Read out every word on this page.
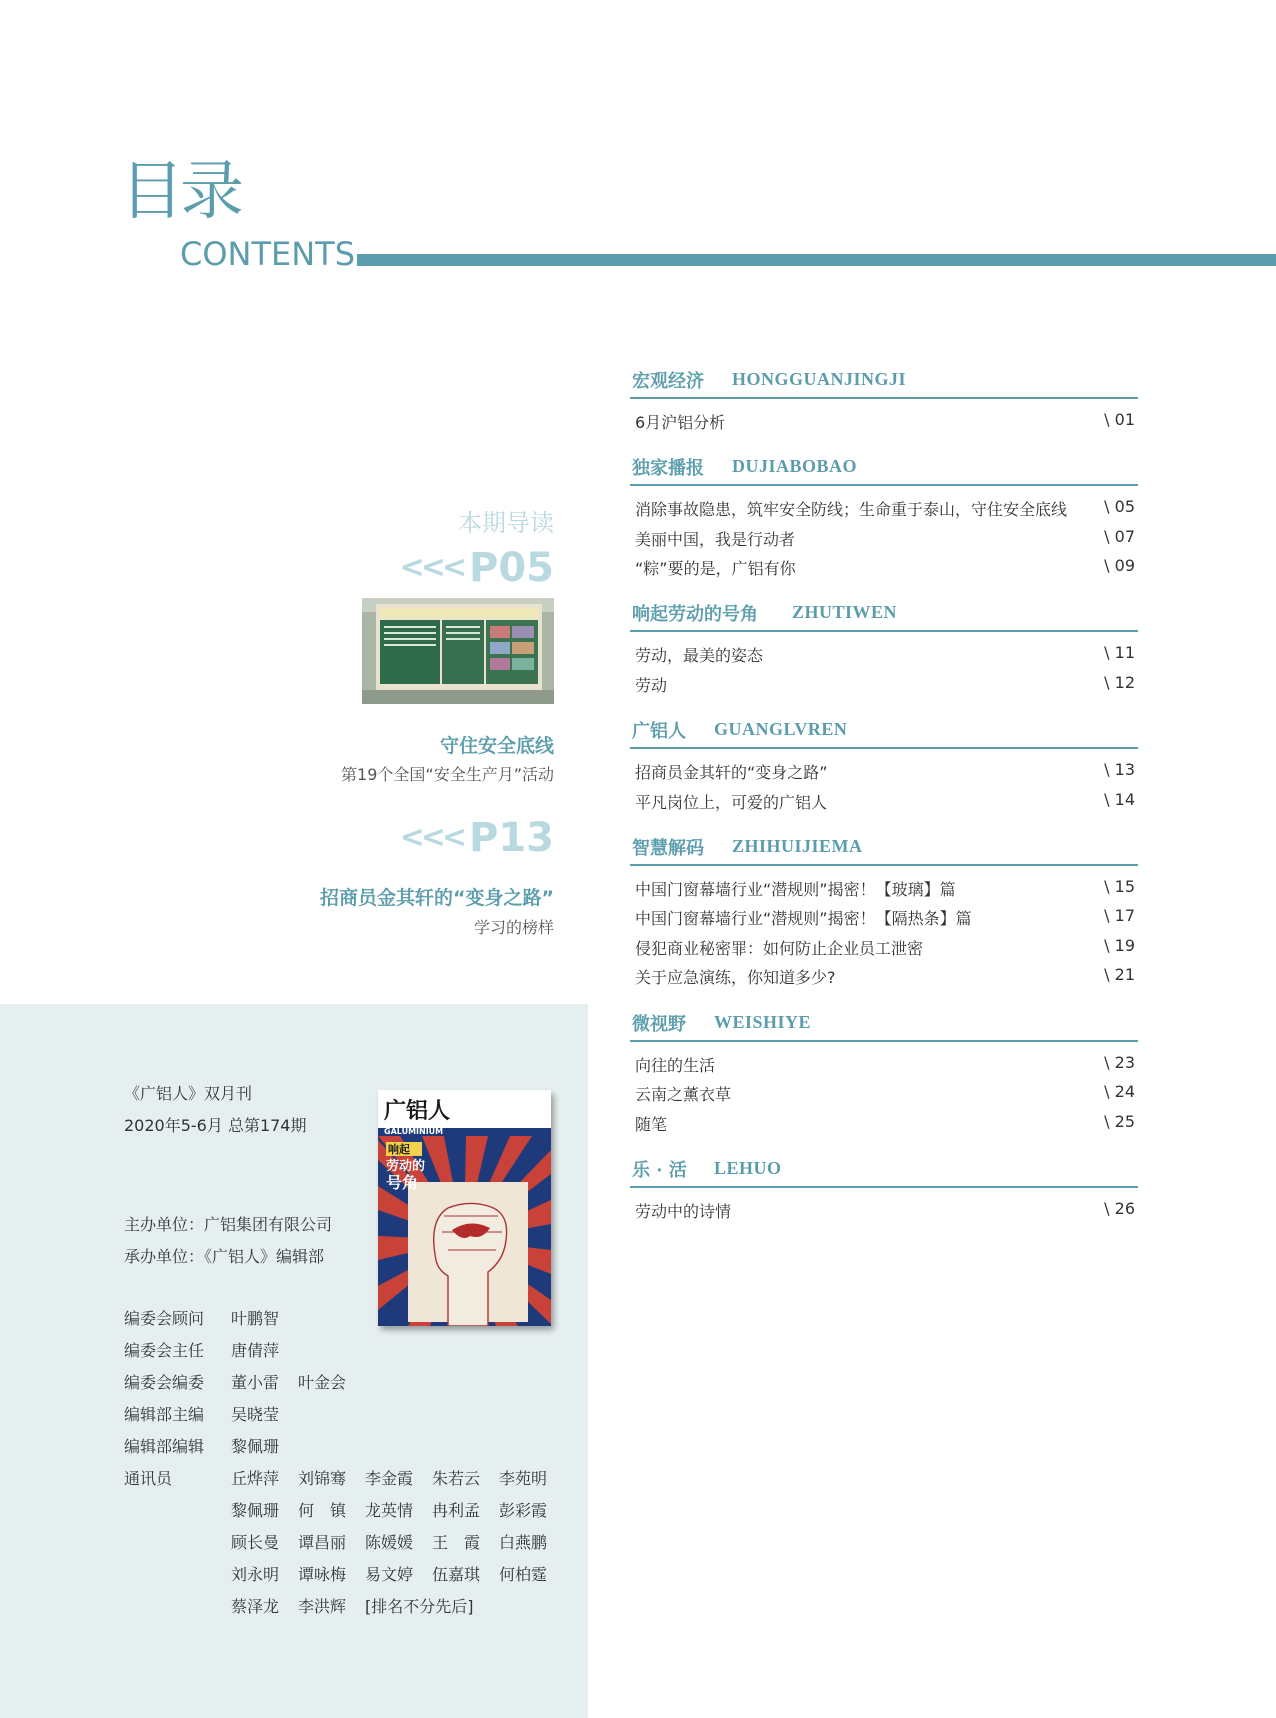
目
录
CONTENTS
本期导读
<<< P05
守住安全底线
第19个全国“安全生产月”活动
<<< P13
招商员金其轩的“变身之路”
学习的榜样
《广铝人》双月刊
2020年5-6月 总第174期
主办单位：广铝集团有限公司
承办单位：《广铝人》编辑部
编委会顾问 叶鹏智
编委会主任 唐倩萍
编委会编委 董小雷 叶金会
编辑部主编 吴晓莹
编辑部编辑 黎佩珊
通讯员	丘烨萍 刘锦骞 李金霞 朱若云 李苑明
黎佩珊 何　镇 龙英情 冉利孟 彭彩霞
顾长曼 谭昌丽 陈媛媛 王　霞 白燕鹏
刘永明 谭咏梅 易文婷 伍嘉琪 何柏霆
蔡泽龙 李洪辉 [排名不分先后]
广铝人
GALUMINIUM
响起
劳动的
号角
宏观经济 HONGGUANJINGJI
6月沪铝分析	\ 01
独家播报 DUJIABOBAO
消除事故隐患，筑牢安全防线；生命重于泰山，守住安全底线 \ 05
美丽中国，我是行动者	\ 07
“粽”要的是，广铝有你	\ 09
响起劳动的号角 ZHUTIWEN
劳动，最美的姿态	\ 11
劳动	\ 12
广铝人 GUANGLVREN
招商员金其轩的“变身之路”	\ 13
平凡岗位上，可爱的广铝人	\ 14
智慧解码 ZHIHUIJIEMA
中国门窗幕墙行业“潜规则”揭密！【玻璃】篇	\ 15
中国门窗幕墙行业“潜规则”揭密！【隔热条】篇	\ 17
侵犯商业秘密罪：如何防止企业员工泄密	\ 19
关于应急演练，你知道多少?	\ 21
微视野 WEISHIYE
向往的生活	\ 23
云南之薰衣草	\ 24
随笔	\ 25
乐 · 活 LEHUO
劳动中的诗情	\ 26
